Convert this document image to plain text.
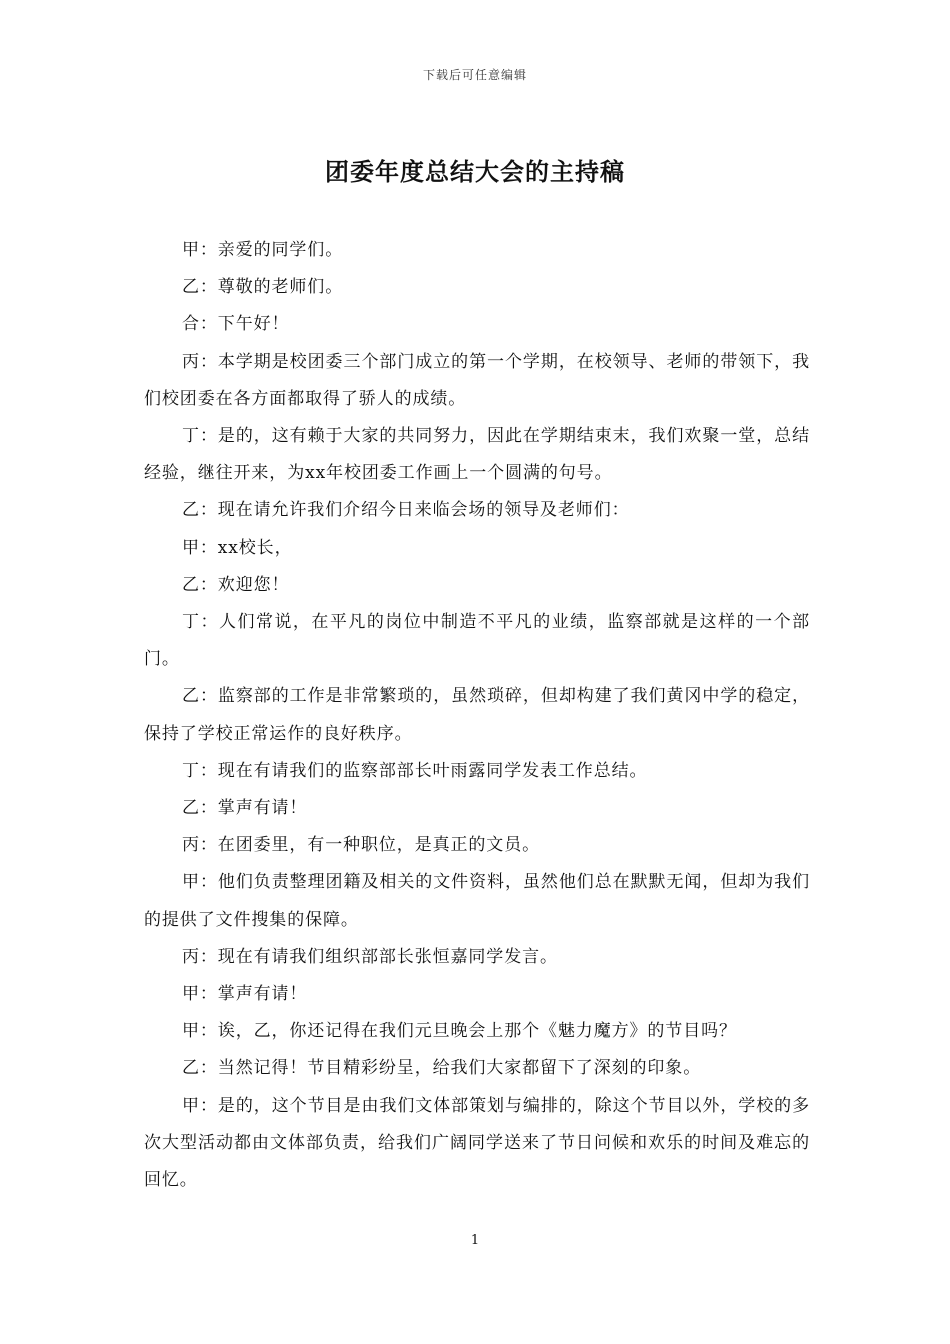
下载后可任意编辑
团委年度总结大会的主持稿

甲：亲爱的同学们。

乙：尊敬的老师们。

合：下午好！

丙：本学期是校团委三个部门成立的第一个学期，在校领导、老师的带领下，我们校团委在各方面都取得了骄人的成绩。

丁：是的，这有赖于大家的共同努力，因此在学期结束末，我们欢聚一堂，总结经验，继往开来，为xx年校团委工作画上一个圆满的句号。

乙：现在请允许我们介绍今日来临会场的领导及老师们：

甲：xx校长，

乙：欢迎您！

丁：人们常说，在平凡的岗位中制造不平凡的业绩，监察部就是这样的一个部门。

乙：监察部的工作是非常繁琐的，虽然琐碎，但却构建了我们黄冈中学的稳定，保持了学校正常运作的良好秩序。

丁：现在有请我们的监察部部长叶雨露同学发表工作总结。

乙：掌声有请！

丙：在团委里，有一种职位，是真正的文员。

甲：他们负责整理团籍及相关的文件资料，虽然他们总在默默无闻，但却为我们的提供了文件搜集的保障。

丙：现在有请我们组织部部长张恒嘉同学发言。

甲：掌声有请！

甲：诶，乙，你还记得在我们元旦晚会上那个《魅力魔方》的节目吗？

乙：当然记得！节目精彩纷呈，给我们大家都留下了深刻的印象。

甲：是的，这个节目是由我们文体部策划与编排的，除这个节目以外，学校的多次大型活动都由文体部负责，给我们广阔同学送来了节日问候和欢乐的时间及难忘的回忆。

1
